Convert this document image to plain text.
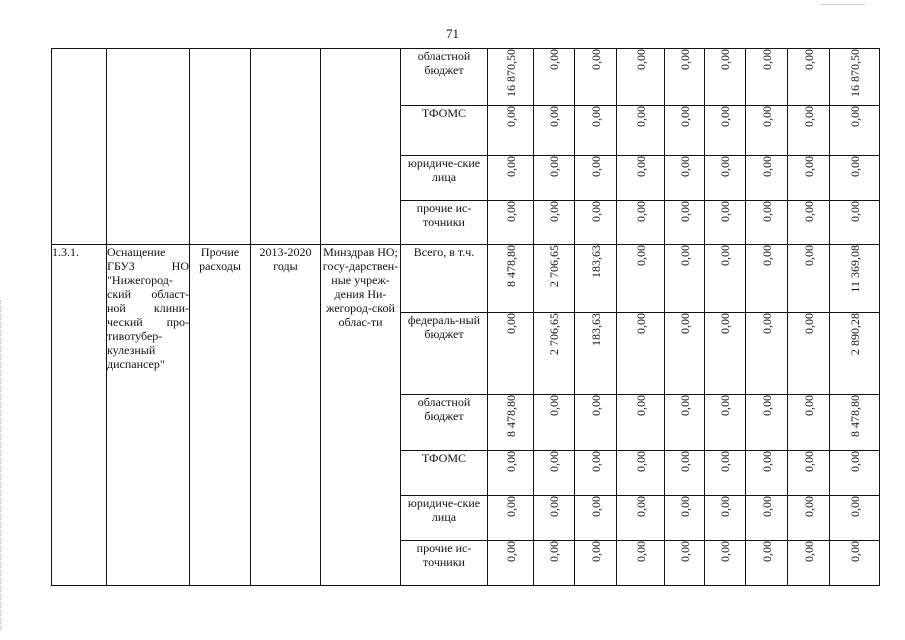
71
					областной бюджет	16 870,50	0,00	0,00	0,00	0,00	0,00	0,00	0,00	16 870,50
					ТФОМС	0,00	0,00	0,00	0,00	0,00	0,00	0,00	0,00	0,00
					юридиче-ские лица	0,00	0,00	0,00	0,00	0,00	0,00	0,00	0,00	0,00
					прочие ис-точники	0,00	0,00	0,00	0,00	0,00	0,00	0,00	0,00	0,00
1.3.1.	Оснащение ГБУЗ НО "Нижегород-ский област-ной клини-ческий про-тивотубер-кулезный диспансер"	Прочие расходы	2013-2020 годы	Минздрав НО; госу-дарствен-ные учреж-дения Ни-жегород-ской облас-ти	Всего, в т.ч.	8 478,80	2 706,65	183,63	0,00	0,00	0,00	0,00	0,00	11 369,08
					федераль-ный бюджет	0,00	2 706,65	183,63	0,00	0,00	0,00	0,00	0,00	2 890,28
					областной бюджет	8 478,80	0,00	0,00	0,00	0,00	0,00	0,00	0,00	8 478,80
					ТФОМС	0,00	0,00	0,00	0,00	0,00	0,00	0,00	0,00	0,00
					юридиче-ские лица	0,00	0,00	0,00	0,00	0,00	0,00	0,00	0,00	0,00
					прочие ис-точники	0,00	0,00	0,00	0,00	0,00	0,00	0,00	0,00	0,00
